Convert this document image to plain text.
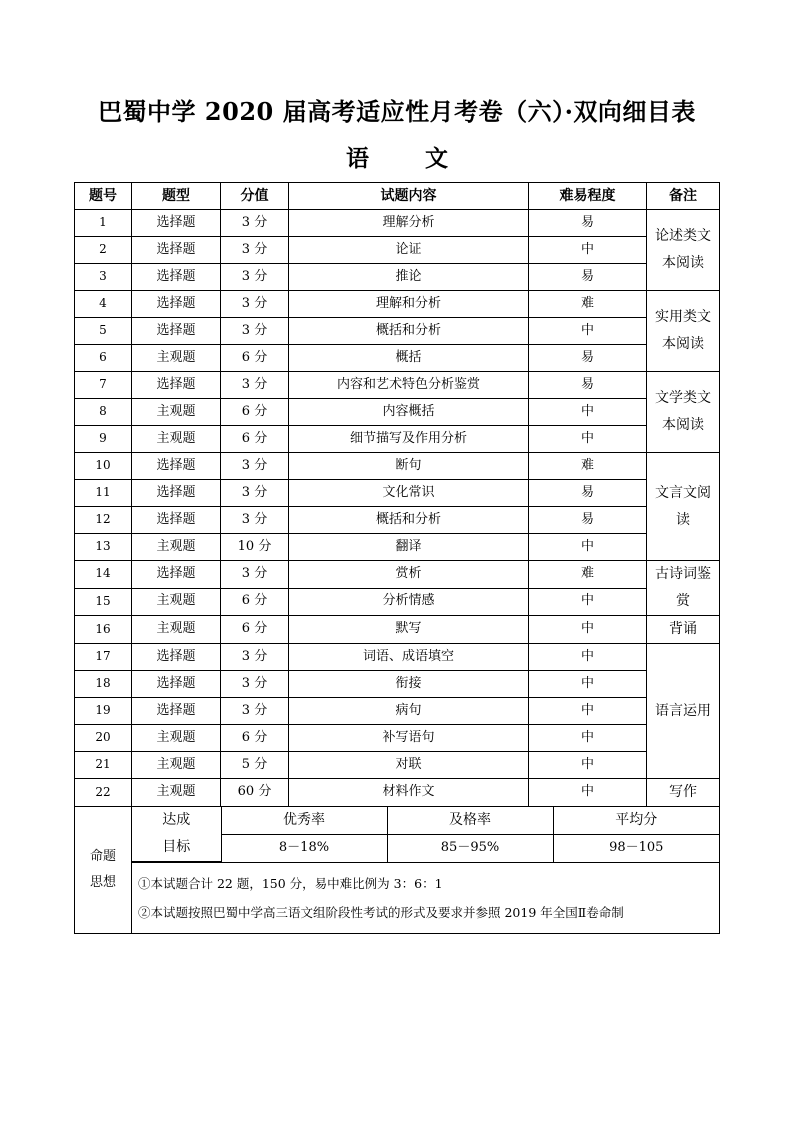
巴蜀中学 2020 届高考适应性月考卷（六）·双向细目表
语 文
题号	题型	分值	试题内容	难易程度	备注
1	选择题	3 分	理解分析	易	论述类文
本阅读
2	选择题	3 分	论证	中
3	选择题	3 分	推论	易
4	选择题	3 分	理解和分析	难	实用类文
本阅读
5	选择题	3 分	概括和分析	中
6	主观题	6 分	概括	易
7	选择题	3 分	内容和艺术特色分析鉴赏	易	文学类文
本阅读
8	主观题	6 分	内容概括	中
9	主观题	6 分	细节描写及作用分析	中
10	选择题	3 分	断句	难	文言文阅
读
11	选择题	3 分	文化常识	易
12	选择题	3 分	概括和分析	易
13	主观题	10 分	翻译	中
14	选择题	3 分	赏析	难	古诗词鉴
赏
15	主观题	6 分	分析情感	中
16	主观题	6 分	默写	中	背诵
17	选择题	3 分	词语、成语填空	中	语言运用
18	选择题	3 分	衔接	中
19	选择题	3 分	病句	中
20	主观题	6 分	补写语句	中
21	主观题	5 分	对联	中
22	主观题	60 分	材料作文	中	写作
命题
思想	
达成
目标	优秀率	及格率	平均分
8－18%	85－95%	98－105

①本试题合计 22 题，150 分，易中难比例为 3：6：1
②本试题按照巴蜀中学高三语文组阶段性考试的形式及要求并参照 2019 年全国Ⅱ卷命制
